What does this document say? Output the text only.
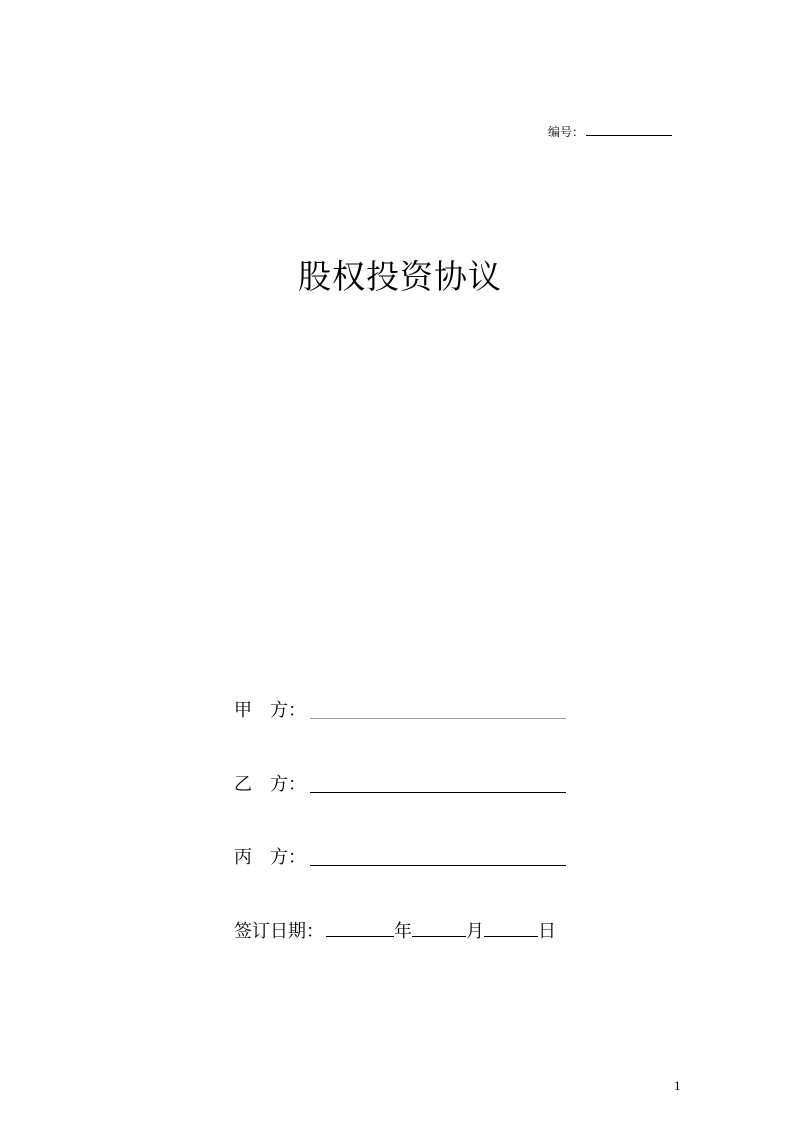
编号：
股权投资协议
甲　方：
乙　方：
丙　方：
签订日期：	年	月	日
1
